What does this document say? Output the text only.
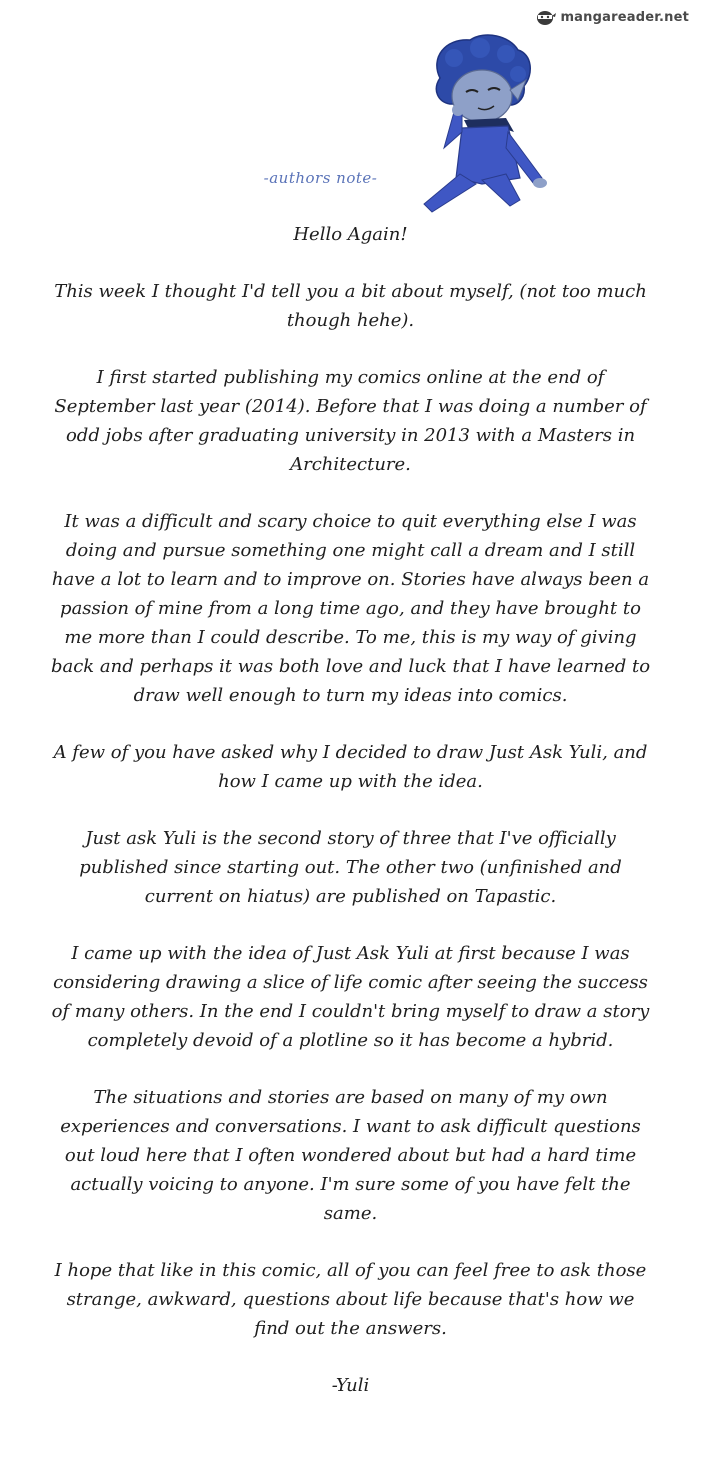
mangareader.net
-authors note-

Hello Again!

This week I thought I'd tell you a bit about myself, (not too much though hehe).

I first started publishing my comics online at the end of September last year (2014). Before that I was doing a number of odd jobs after graduating university in 2013 with a Masters in Architecture.

It was a difficult and scary choice to quit everything else I was doing and pursue something one might call a dream and I still have a lot to learn and to improve on. Stories have always been a passion of mine from a long time ago, and they have brought to me more than I could describe. To me, this is my way of giving back and perhaps it was both love and luck that I have learned to draw well enough to turn my ideas into comics.

A few of you have asked why I decided to draw Just Ask Yuli, and how I came up with the idea.

Just ask Yuli is the second story of three that I've officially published since starting out. The other two (unfinished and current on hiatus) are published on Tapastic.

I came up with the idea of Just Ask Yuli at first because I was considering drawing a slice of life comic after seeing the success of many others. In the end I couldn't bring myself to draw a story completely devoid of a plotline so it has become a hybrid.

The situations and stories are based on many of my own experiences and conversations. I want to ask difficult questions out loud here that I often wondered about but had a hard time actually voicing to anyone. I'm sure some of you have felt the same.

I hope that like in this comic, all of you can feel free to ask those strange, awkward, questions about life because that's how we find out the answers.

-Yuli
